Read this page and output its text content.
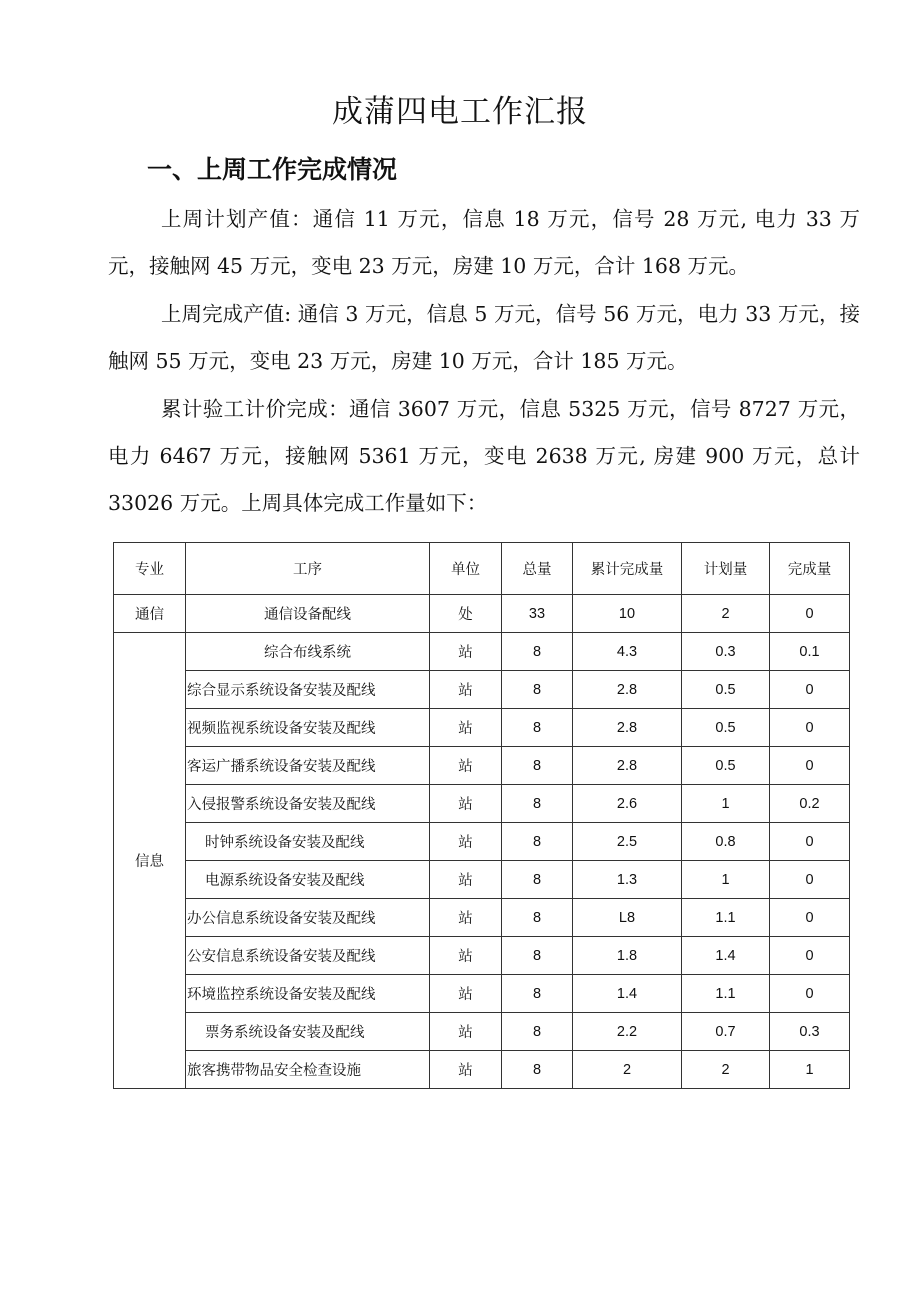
成蒲四电工作汇报
一、上周工作完成情况

上周计划产值：通信 11 万元，信息 18 万元，信号 28 万元, 电力 33 万元，接触网 45 万元，变电 23 万元，房建 10 万元，合计 168 万元。

上周完成产值: 通信 3 万元，信息 5 万元，信号 56 万元，电力 33 万元，接触网 55 万元，变电 23 万元，房建 10 万元，合计 185 万元。

累计验工计价完成：通信 3607 万元，信息 5325 万元，信号 8727 万元，电力 6467 万元，接触网 5361 万元，变电 2638 万元, 房建 900 万元，总计 33026 万元。上周具体完成工作量如下：

专业	工序	单位	总量	累计完成量	计划量	完成量
通信	通信设备配线	处	33	10	2	0
信息	综合布线系统	站	8	4.3	0.3	0.1
	综合显示系统设备安装及配线	站	8	2.8	0.5	0
	视频监视系统设备安装及配线	站	8	2.8	0.5	0
	客运广播系统设备安装及配线	站	8	2.8	0.5	0
	入侵报警系统设备安装及配线	站	8	2.6	1	0.2
	时钟系统设备安装及配线	站	8	2.5	0.8	0
	电源系统设备安装及配线	站	8	1.3	1	0
	办公信息系统设备安装及配线	站	8	L8	1.1	0
	公安信息系统设备安装及配线	站	8	1.8	1.4	0
	环境监控系统设备安装及配线	站	8	1.4	1.1	0
	票务系统设备安装及配线	站	8	2.2	0.7	0.3
	旅客携带物品安全检查设施	站	8	2	2	1
